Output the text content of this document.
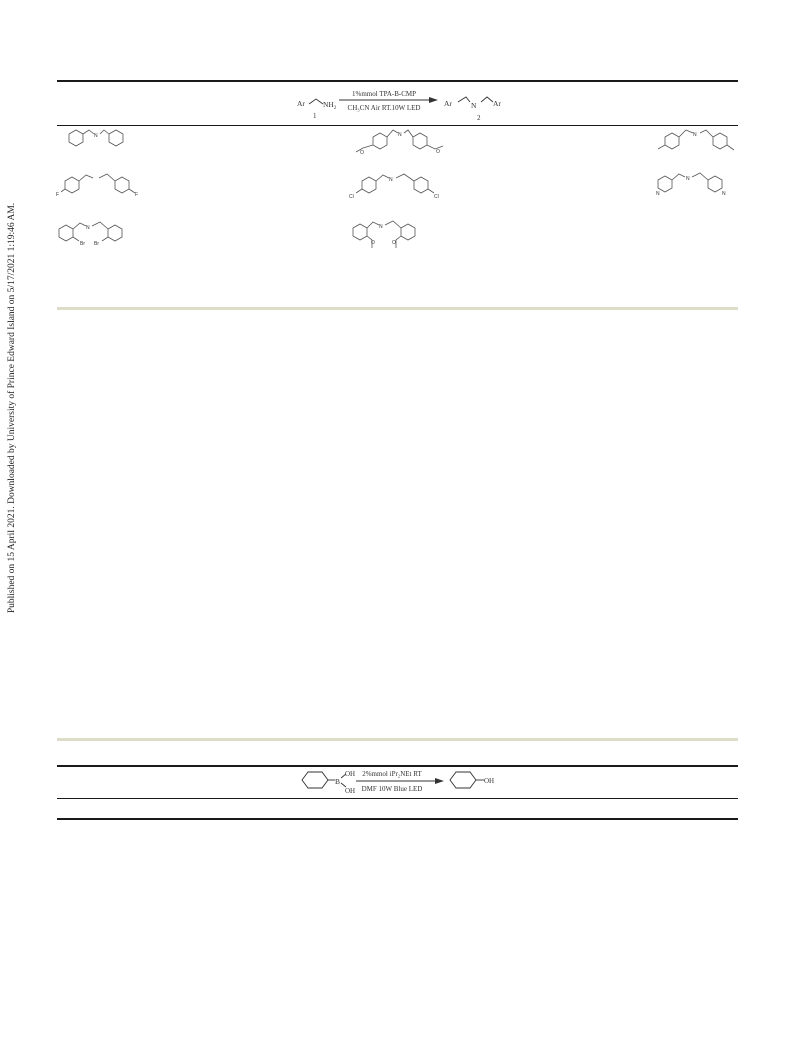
Published on 15 April 2021. Downloaded by University of Prince Edward Island on 5/17/2021 1:19:46 AM.
Ar $NH_2$
1
1%mmol TPA-B-CMP
CH₃CN Air RT.10W LED	Ar	N Ar
2
N
O
N
O
N
F	F	Cl
N
Cl	N
N
N
N
Br Br
N
O	O
B
OH
OH
2%mmol iPr₂NEt RT
DMF 10W Blue LED
OH
